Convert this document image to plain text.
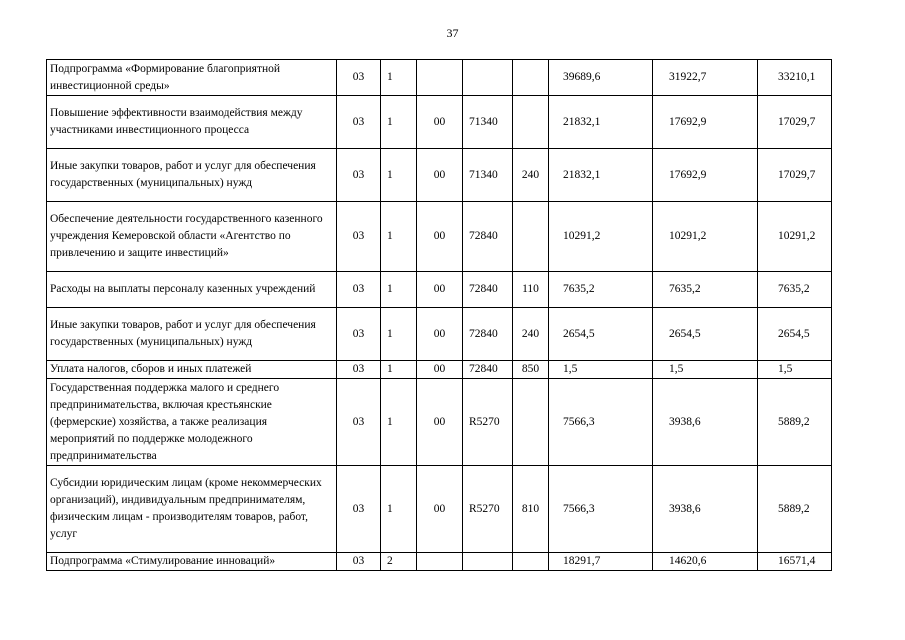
37
Подпрограмма «Формирование благоприятной инвестиционной среды»	03	1				39689,6	31922,7	33210,1
Повышение эффективности взаимодействия между участниками инвестиционного процесса	03	1	00	71340		21832,1	17692,9	17029,7
Иные закупки товаров, работ и услуг для обеспечения государственных (муниципальных) нужд	03	1	00	71340	240	21832,1	17692,9	17029,7
Обеспечение деятельности государственного казенного учреждения Кемеровской области «Агентство по привлечению и защите инвестиций»	03	1	00	72840		10291,2	10291,2	10291,2
Расходы на выплаты персоналу казенных учреждений	03	1	00	72840	110	7635,2	7635,2	7635,2
Иные закупки товаров, работ и услуг для обеспечения государственных (муниципальных) нужд	03	1	00	72840	240	2654,5	2654,5	2654,5
Уплата налогов, сборов и иных платежей	03	1	00	72840	850	1,5	1,5	1,5
Государственная поддержка малого и среднего предпринимательства, включая крестьянские (фермерские) хозяйства, а также реализация мероприятий по поддержке молодежного предпринимательства	03	1	00	R5270		7566,3	3938,6	5889,2
Субсидии юридическим лицам (кроме некоммерческих организаций), индивидуальным предпринимателям, физическим лицам - производителям товаров, работ, услуг	03	1	00	R5270	810	7566,3	3938,6	5889,2
Подпрограмма «Стимулирование инноваций»	03	2				18291,7	14620,6	16571,4
